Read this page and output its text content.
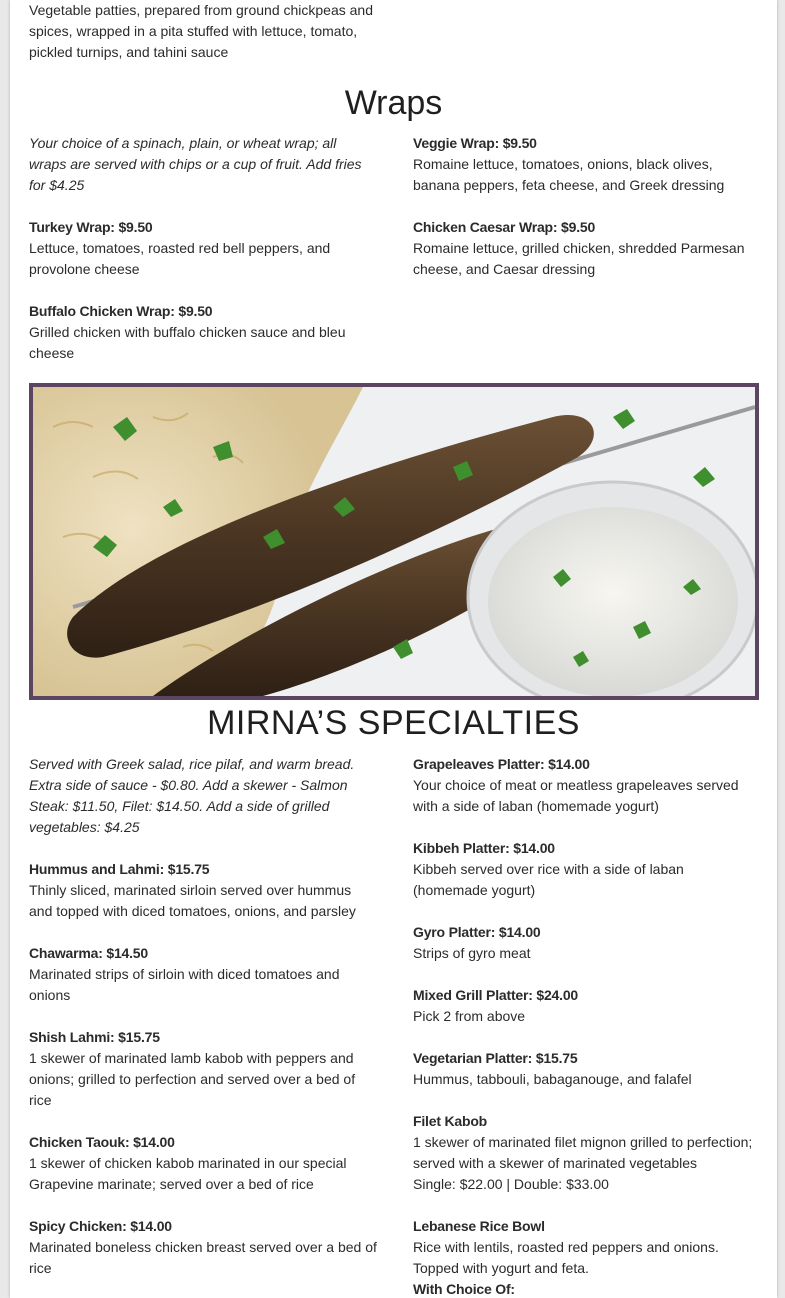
Vegetable patties, prepared from ground chickpeas and spices, wrapped in a pita stuffed with lettuce, tomato, pickled turnips, and tahini sauce

Wraps

Your choice of a spinach, plain, or wheat wrap; all wraps are served with chips or a cup of fruit. Add fries for $4.25

Turkey Wrap: $9.50

Lettuce, tomatoes, roasted red bell peppers, and provolone cheese

Buffalo Chicken Wrap: $9.50

Grilled chicken with buffalo chicken sauce and bleu cheese

Veggie Wrap: $9.50

Romaine lettuce, tomatoes, onions, black olives, banana peppers, feta cheese, and Greek dressing

Chicken Caesar Wrap: $9.50

Romaine lettuce, grilled chicken, shredded Parmesan cheese, and Caesar dressing

MIRNA’S SPECIALTIES

Served with Greek salad, rice pilaf, and warm bread. Extra side of sauce - $0.80. Add a skewer - Salmon Steak: $11.50, Filet: $14.50. Add a side of grilled vegetables: $4.25

Hummus and Lahmi: $15.75

Thinly sliced, marinated sirloin served over hummus and topped with diced tomatoes, onions, and parsley

Chawarma: $14.50

Marinated strips of sirloin with diced tomatoes and onions

Shish Lahmi: $15.75

1 skewer of marinated lamb kabob with peppers and onions; grilled to perfection and served over a bed of rice

Chicken Taouk: $14.00

1 skewer of chicken kabob marinated in our special Grapevine marinate; served over a bed of rice

Spicy Chicken: $14.00

Marinated boneless chicken breast served over a bed of rice

Grapeleaves Platter: $14.00

Your choice of meat or meatless grapeleaves served with a side of laban (homemade yogurt)

Kibbeh Platter: $14.00

Kibbeh served over rice with a side of laban (homemade yogurt)

Gyro Platter: $14.00

Strips of gyro meat

Mixed Grill Platter: $24.00

Pick 2 from above

Vegetarian Platter: $15.75

Hummus, tabbouli, babaganouge, and falafel

Filet Kabob

1 skewer of marinated filet mignon grilled to perfection; served with a skewer of marinated vegetables

Single: $22.00 | Double: $33.00

Lebanese Rice Bowl

Rice with lentils, roasted red peppers and onions. Topped with yogurt and feta.

With Choice Of:
